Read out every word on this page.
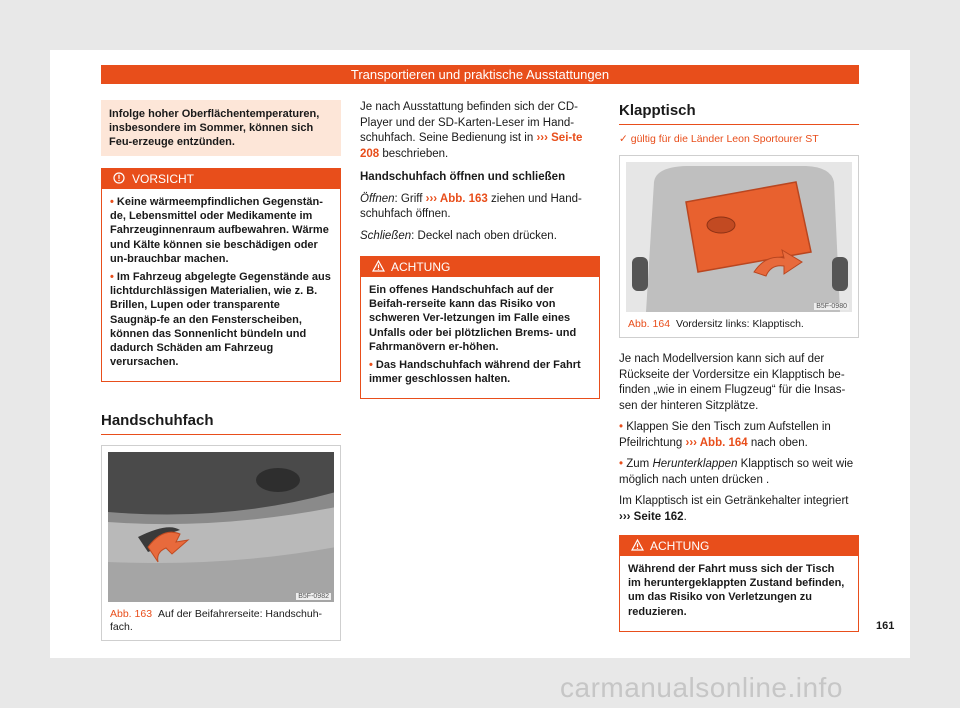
Transportieren und praktische Ausstattungen
Infolge hoher Oberflächentemperaturen, insbesondere im Sommer, können sich Feu-erzeuge entzünden.
VORSICHT

• Keine wärmeempfindlichen Gegenstän-de, Lebensmittel oder Medikamente im Fahrzeuginnenraum aufbewahren. Wärme und Kälte können sie beschädigen oder un-brauchbar machen.

• Im Fahrzeug abgelegte Gegenstände aus lichtdurchlässigen Materialien, wie z. B. Brillen, Lupen oder transparente Saugnäp-fe an den Fensterscheiben, können das Sonnenlicht bündeln und dadurch Schäden am Fahrzeug verursachen.

Handschuhfach
B5F-0982
Abb. 163 Auf der Beifahrerseite: Handschuh-fach.

Je nach Ausstattung befinden sich der CD-Player und der SD-Karten-Leser im Hand-schuhfach. Seine Bedienung ist in ››› Sei-te 208 beschrieben.

Handschuhfach öffnen und schließen

Öffnen: Griff ››› Abb. 163 ziehen und Hand-schuhfach öffnen.

Schließen: Deckel nach oben drücken.

ACHTUNG

Ein offenes Handschuhfach auf der Beifah-rerseite kann das Risiko von schweren Ver-letzungen im Falle eines Unfalls oder bei plötzlichen Brems- und Fahrmanövern er-höhen.

• Das Handschuhfach während der Fahrt immer geschlossen halten.

Klapptisch
✓ gültig für die Länder Leon Sportourer ST
B5F-0980
Abb. 164 Vordersitz links: Klapptisch.

Je nach Modellversion kann sich auf der Rückseite der Vordersitze ein Klapptisch be-finden „wie in einem Flugzeug“ für die Insas-sen der hinteren Sitzplätze.

• Klappen Sie den Tisch zum Aufstellen in Pfeilrichtung ››› Abb. 164 nach oben.

• Zum Herunterklappen Klapptisch so weit wie möglich nach unten drücken .

Im Klapptisch ist ein Getränkehalter integriert ››› Seite 162.

ACHTUNG

Während der Fahrt muss sich der Tisch im heruntergeklappten Zustand befinden, um das Risiko von Verletzungen zu reduzieren.

161
carmanualsonline.info
